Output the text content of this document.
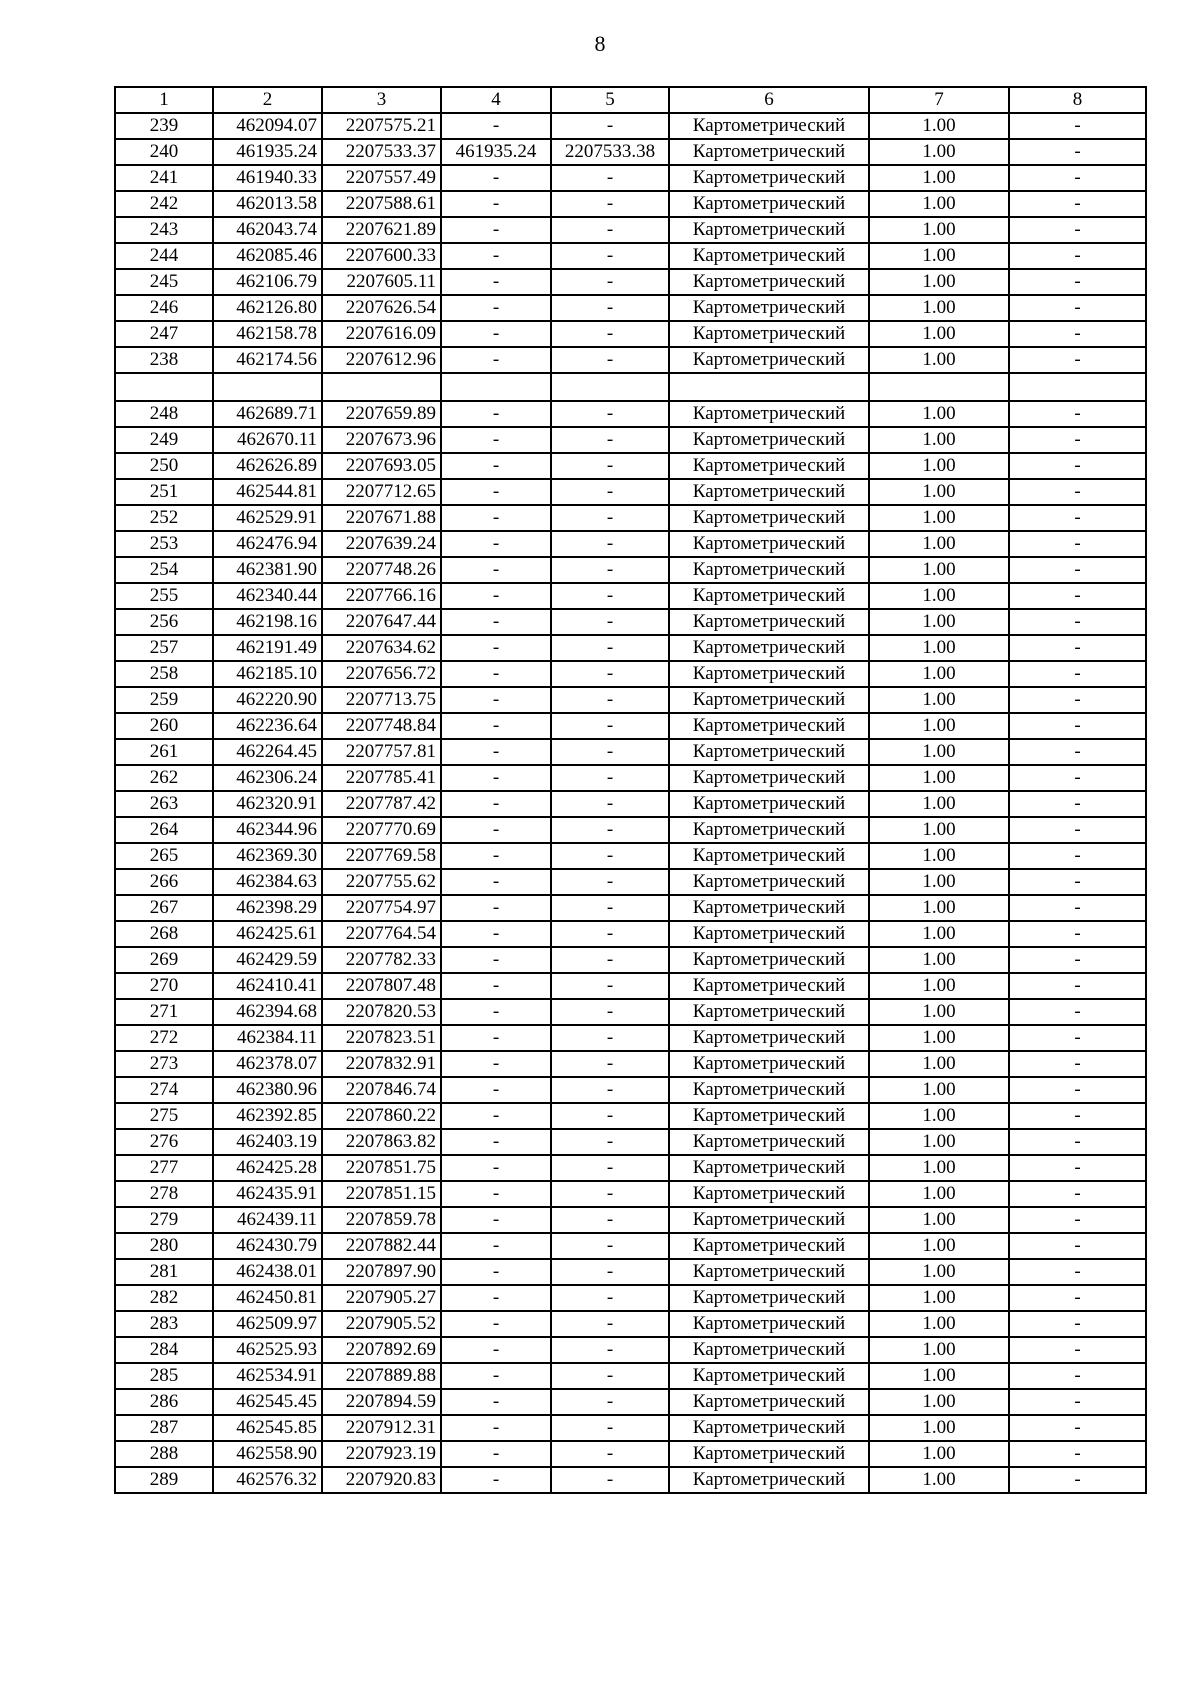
8
1	2	3	4	5	6	7	8
239	462094.07	2207575.21	-	-	Картометрический	1.00	-
240	461935.24	2207533.37	461935.24	2207533.38	Картометрический	1.00	-
241	461940.33	2207557.49	-	-	Картометрический	1.00	-
242	462013.58	2207588.61	-	-	Картометрический	1.00	-
243	462043.74	2207621.89	-	-	Картометрический	1.00	-
244	462085.46	2207600.33	-	-	Картометрический	1.00	-
245	462106.79	2207605.11	-	-	Картометрический	1.00	-
246	462126.80	2207626.54	-	-	Картометрический	1.00	-
247	462158.78	2207616.09	-	-	Картометрический	1.00	-
238	462174.56	2207612.96	-	-	Картометрический	1.00	-

248	462689.71	2207659.89	-	-	Картометрический	1.00	-
249	462670.11	2207673.96	-	-	Картометрический	1.00	-
250	462626.89	2207693.05	-	-	Картометрический	1.00	-
251	462544.81	2207712.65	-	-	Картометрический	1.00	-
252	462529.91	2207671.88	-	-	Картометрический	1.00	-
253	462476.94	2207639.24	-	-	Картометрический	1.00	-
254	462381.90	2207748.26	-	-	Картометрический	1.00	-
255	462340.44	2207766.16	-	-	Картометрический	1.00	-
256	462198.16	2207647.44	-	-	Картометрический	1.00	-
257	462191.49	2207634.62	-	-	Картометрический	1.00	-
258	462185.10	2207656.72	-	-	Картометрический	1.00	-
259	462220.90	2207713.75	-	-	Картометрический	1.00	-
260	462236.64	2207748.84	-	-	Картометрический	1.00	-
261	462264.45	2207757.81	-	-	Картометрический	1.00	-
262	462306.24	2207785.41	-	-	Картометрический	1.00	-
263	462320.91	2207787.42	-	-	Картометрический	1.00	-
264	462344.96	2207770.69	-	-	Картометрический	1.00	-
265	462369.30	2207769.58	-	-	Картометрический	1.00	-
266	462384.63	2207755.62	-	-	Картометрический	1.00	-
267	462398.29	2207754.97	-	-	Картометрический	1.00	-
268	462425.61	2207764.54	-	-	Картометрический	1.00	-
269	462429.59	2207782.33	-	-	Картометрический	1.00	-
270	462410.41	2207807.48	-	-	Картометрический	1.00	-
271	462394.68	2207820.53	-	-	Картометрический	1.00	-
272	462384.11	2207823.51	-	-	Картометрический	1.00	-
273	462378.07	2207832.91	-	-	Картометрический	1.00	-
274	462380.96	2207846.74	-	-	Картометрический	1.00	-
275	462392.85	2207860.22	-	-	Картометрический	1.00	-
276	462403.19	2207863.82	-	-	Картометрический	1.00	-
277	462425.28	2207851.75	-	-	Картометрический	1.00	-
278	462435.91	2207851.15	-	-	Картометрический	1.00	-
279	462439.11	2207859.78	-	-	Картометрический	1.00	-
280	462430.79	2207882.44	-	-	Картометрический	1.00	-
281	462438.01	2207897.90	-	-	Картометрический	1.00	-
282	462450.81	2207905.27	-	-	Картометрический	1.00	-
283	462509.97	2207905.52	-	-	Картометрический	1.00	-
284	462525.93	2207892.69	-	-	Картометрический	1.00	-
285	462534.91	2207889.88	-	-	Картометрический	1.00	-
286	462545.45	2207894.59	-	-	Картометрический	1.00	-
287	462545.85	2207912.31	-	-	Картометрический	1.00	-
288	462558.90	2207923.19	-	-	Картометрический	1.00	-
289	462576.32	2207920.83	-	-	Картометрический	1.00	-
